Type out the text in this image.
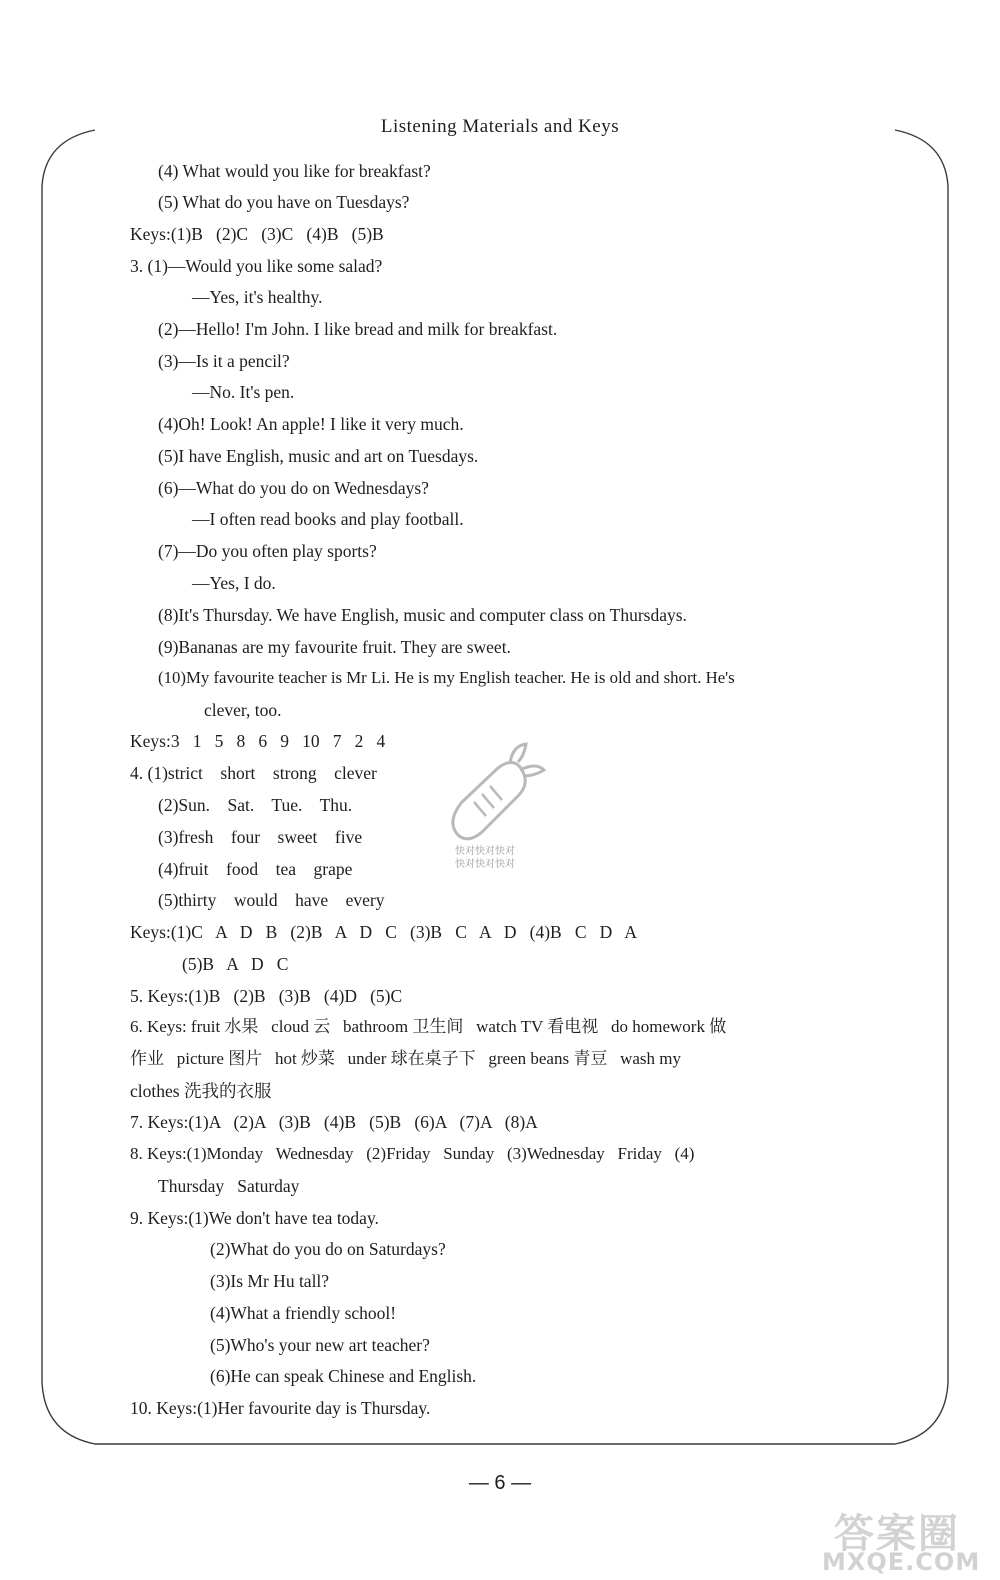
Listening Materials and Keys
(4) What would you like for breakfast?
(5) What do you have on Tuesdays?
Keys:(1)B   (2)C   (3)C   (4)B   (5)B
3. (1)—Would you like some salad?
—Yes, it's healthy.
(2)—Hello! I'm John. I like bread and milk for breakfast.
(3)—Is it a pencil?
—No. It's pen.
(4)Oh! Look! An apple! I like it very much.
(5)I have English, music and art on Tuesdays.
(6)—What do you do on Wednesdays?
—I often read books and play football.
(7)—Do you often play sports?
—Yes, I do.
(8)It's Thursday. We have English, music and computer class on Thursdays.
(9)Bananas are my favourite fruit. They are sweet.
(10)My favourite teacher is Mr Li. He is my English teacher. He is old and short. He's
clever, too.
Keys:3   1   5   8   6   9   10   7   2   4
4. (1)strict    short    strong    clever
(2)Sun.    Sat.    Tue.    Thu.
(3)fresh    four    sweet    five
(4)fruit    food    tea    grape
(5)thirty    would    have    every
Keys:(1)C   A   D   B   (2)B   A   D   C   (3)B   C   A   D   (4)B   C   D   A
(5)B   A   D   C
5. Keys:(1)B   (2)B   (3)B   (4)D   (5)C
6. Keys: fruit 水果   cloud 云   bathroom 卫生间   watch TV 看电视   do homework 做
作业   picture 图片   hot 炒菜   under 球在桌子下   green beans 青豆   wash my
clothes 洗我的衣服
7. Keys:(1)A   (2)A   (3)B   (4)B   (5)B   (6)A   (7)A   (8)A
8. Keys:(1)Monday   Wednesday   (2)Friday   Sunday   (3)Wednesday   Friday   (4)
Thursday   Saturday
9. Keys:(1)We don't have tea today.
(2)What do you do on Saturdays?
(3)Is Mr Hu tall?
(4)What a friendly school!
(5)Who's your new art teacher?
(6)He can speak Chinese and English.
10. Keys:(1)Her favourite day is Thursday.
快对快对快对
快对快对快对
— 6 —
答案圈
MXQE.COM
